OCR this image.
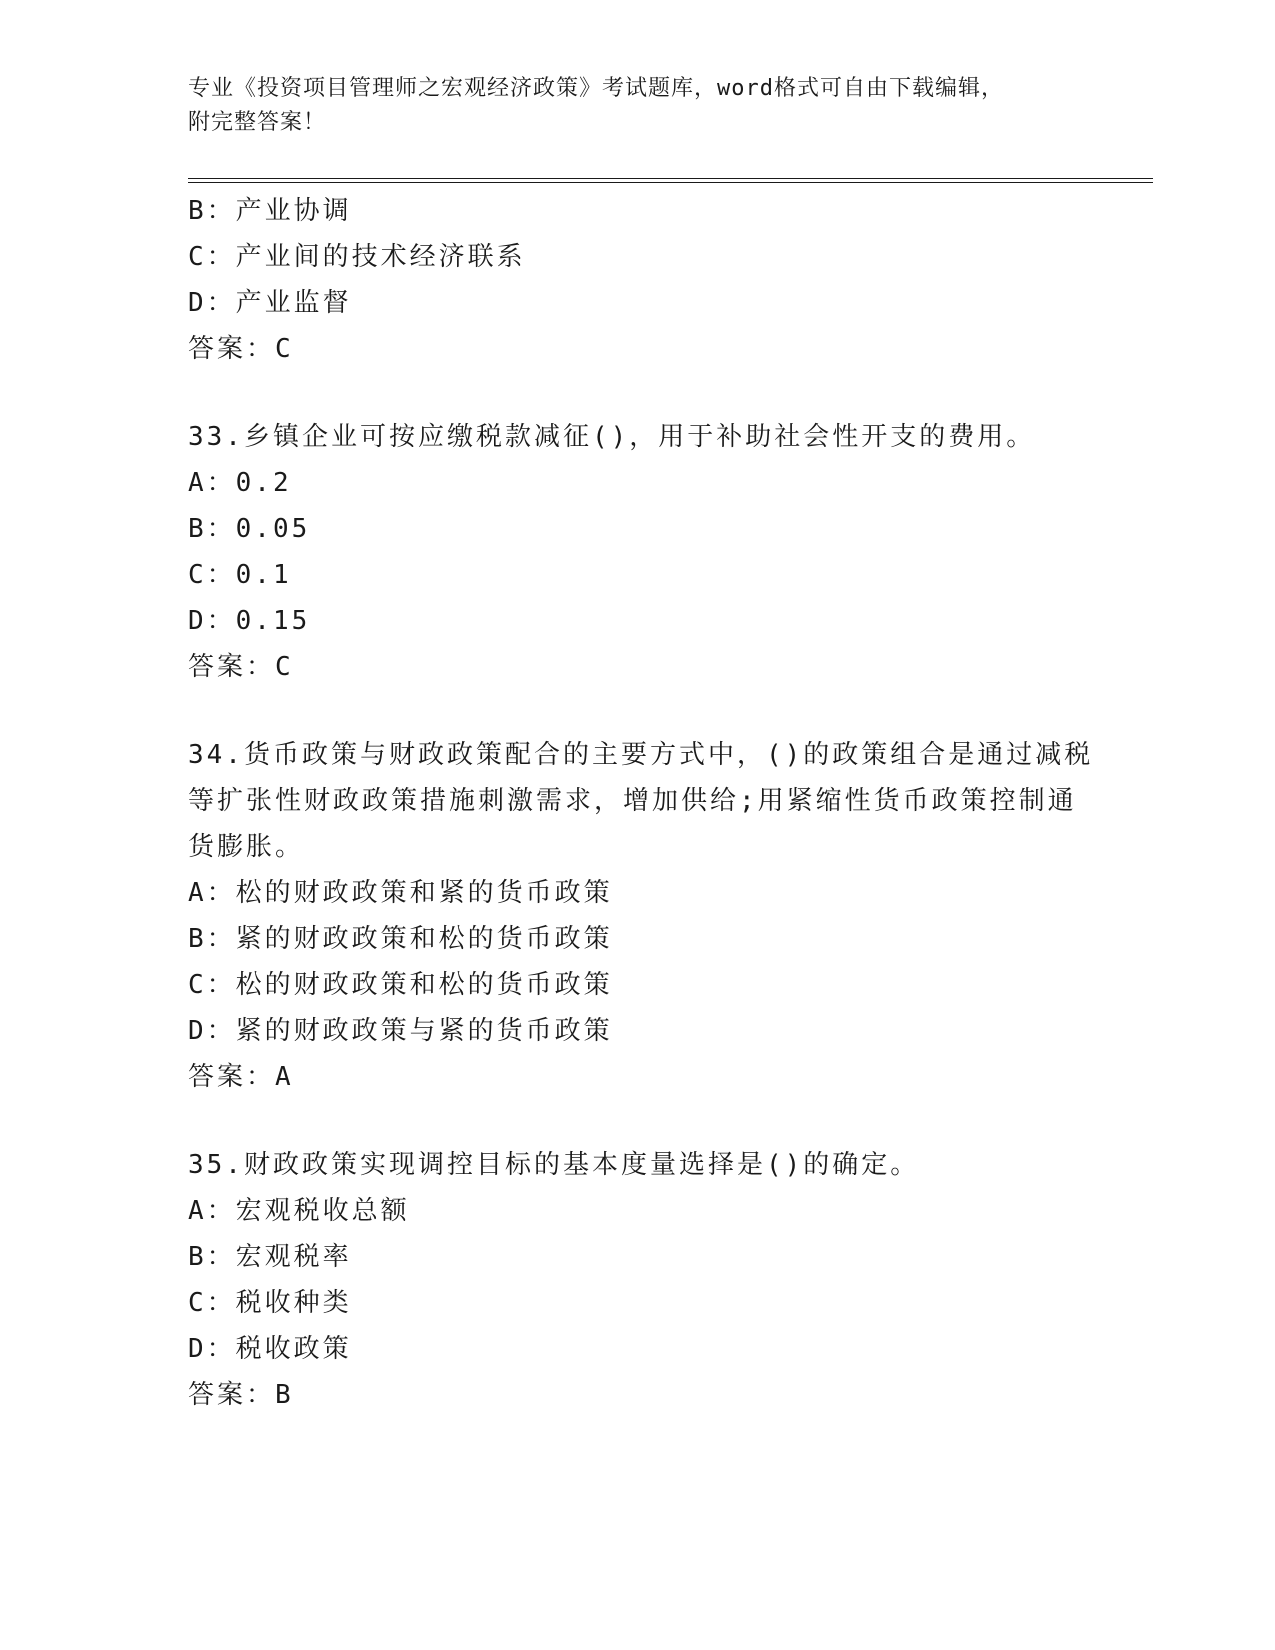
专业《投资项目管理师之宏观经济政策》考试题库，word格式可自由下载编辑，
附完整答案！
B：产业协调
C：产业间的技术经济联系
D：产业监督
答案：C
33.乡镇企业可按应缴税款减征()，用于补助社会性开支的费用。
A：0.2
B：0.05
C：0.1
D：0.15
答案：C
34.货币政策与财政政策配合的主要方式中，()的政策组合是通过减税
等扩张性财政政策措施刺激需求，增加供给;用紧缩性货币政策控制通
货膨胀。
A：松的财政政策和紧的货币政策
B：紧的财政政策和松的货币政策
C：松的财政政策和松的货币政策
D：紧的财政政策与紧的货币政策
答案：A
35.财政政策实现调控目标的基本度量选择是()的确定。
A：宏观税收总额
B：宏观税率
C：税收种类
D：税收政策
答案：B
